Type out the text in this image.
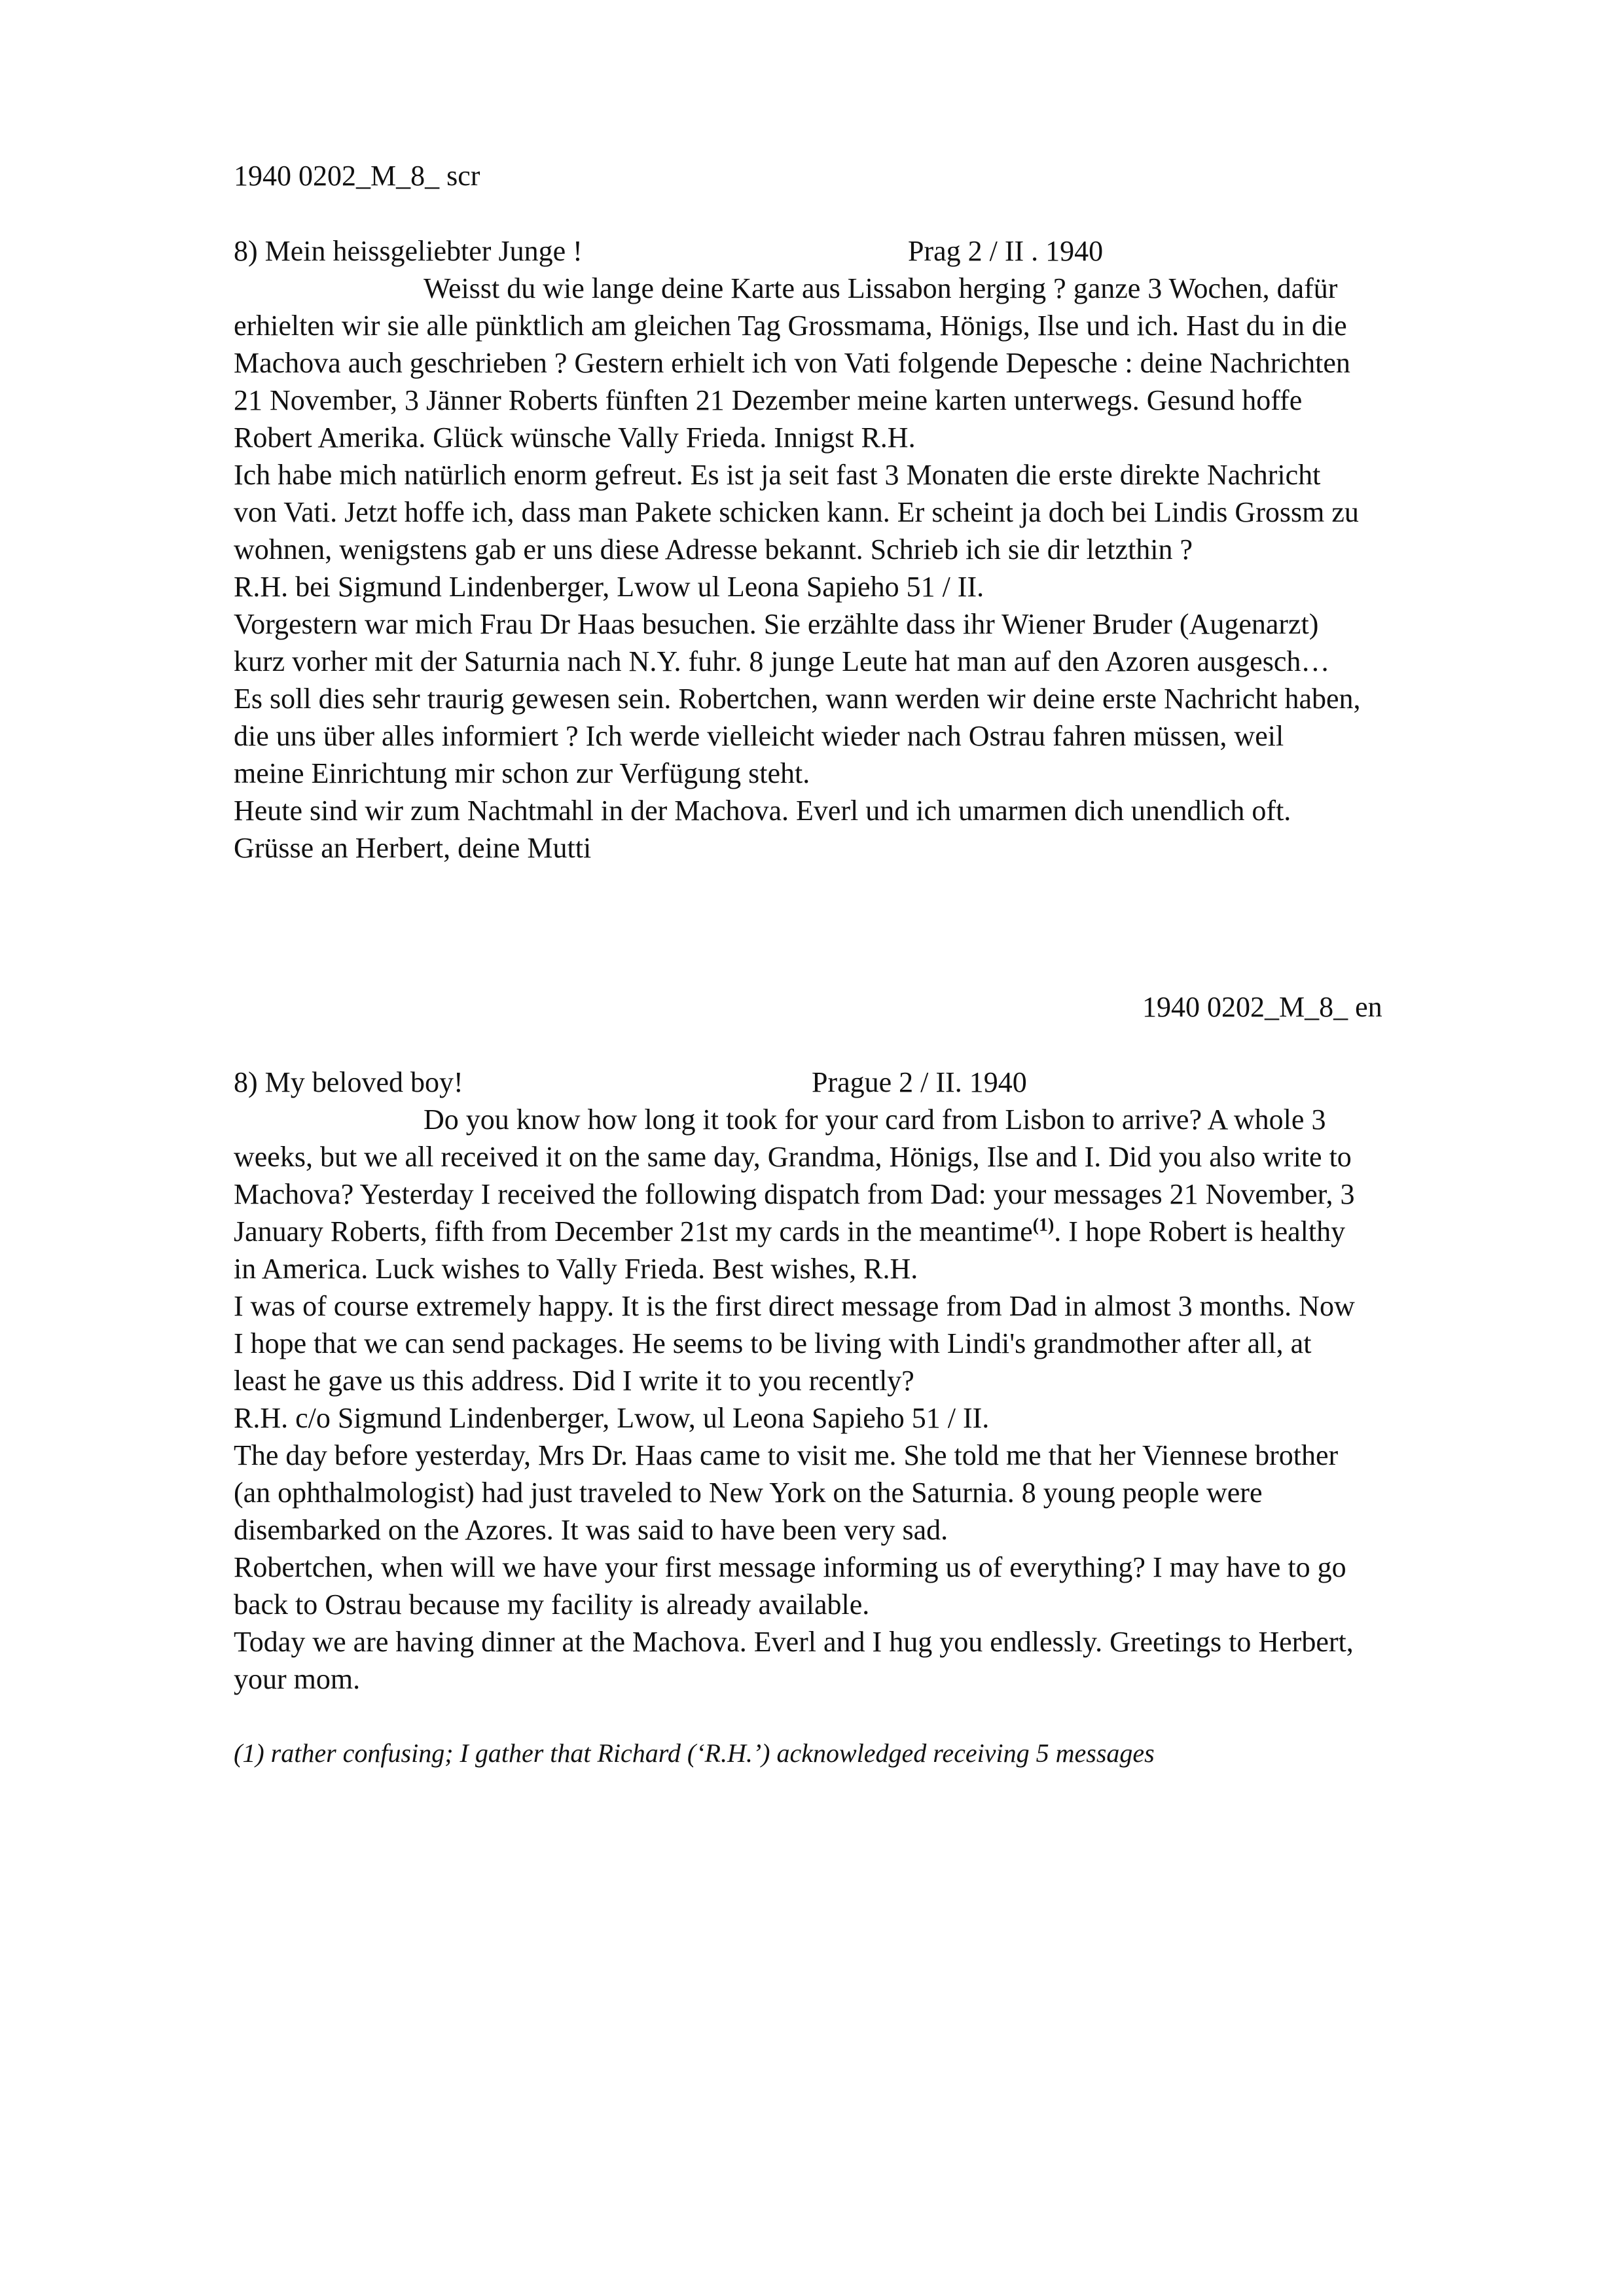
1940 0202_M_8_ scr

8) Mein heissgeliebter Junge !	Prag 2 / II . 1940
Weisst du wie lange deine Karte aus Lissabon herging ? ganze 3 Wochen, dafür
erhielten wir sie alle pünktlich am gleichen Tag Grossmama, Hönigs, Ilse und ich. Hast du in die
Machova auch geschrieben ? Gestern erhielt ich von Vati folgende Depesche : deine Nachrichten
21 November, 3 Jänner Roberts fünften 21 Dezember meine karten unterwegs. Gesund hoffe
Robert Amerika. Glück wünsche Vally Frieda. Innigst R.H.
Ich habe mich natürlich enorm gefreut. Es ist ja seit fast 3 Monaten die erste direkte Nachricht
von Vati. Jetzt hoffe ich, dass man Pakete schicken kann. Er scheint ja doch bei Lindis Grossm zu
wohnen, wenigstens gab er uns diese Adresse bekannt. Schrieb ich sie dir letzthin ?
R.H. bei Sigmund Lindenberger, Lwow ul Leona Sapieho 51 / II.
Vorgestern war mich Frau Dr Haas besuchen. Sie erzählte dass ihr Wiener Bruder (Augenarzt)
kurz vorher mit der Saturnia nach N.Y. fuhr. 8 junge Leute hat man auf den Azoren ausgesch…
Es soll dies sehr traurig gewesen sein. Robertchen, wann werden wir deine erste Nachricht haben,
die uns über alles informiert ? Ich werde vielleicht wieder nach Ostrau fahren müssen, weil
meine Einrichtung mir schon zur Verfügung steht.
Heute sind wir zum Nachtmahl in der Machova. Everl und ich umarmen dich unendlich oft.
Grüsse an Herbert, deine Mutti

1940 0202_M_8_ en

8) My beloved boy!	Prague 2 / II. 1940
Do you know how long it took for your card from Lisbon to arrive? A whole 3
weeks, but we all received it on the same day, Grandma, Hönigs, Ilse and I. Did you also write to
Machova? Yesterday I received the following dispatch from Dad: your messages 21 November, 3
January Roberts, fifth from December 21st my cards in the meantime$^{(1)}$. I hope Robert is healthy
in America. Luck wishes to Vally Frieda. Best wishes, R.H.
I was of course extremely happy. It is the first direct message from Dad in almost 3 months. Now
I hope that we can send packages. He seems to be living with Lindi's grandmother after all, at
least he gave us this address. Did I write it to you recently?
R.H. c/o Sigmund Lindenberger, Lwow, ul Leona Sapieho 51 / II.
The day before yesterday, Mrs Dr. Haas came to visit me. She told me that her Viennese brother
(an ophthalmologist) had just traveled to New York on the Saturnia. 8 young people were
disembarked on the Azores. It was said to have been very sad.
Robertchen, when will we have your first message informing us of everything? I may have to go
back to Ostrau because my facility is already available.
Today we are having dinner at the Machova. Everl and I hug you endlessly. Greetings to Herbert,
your mom.

(1) rather confusing; I gather that Richard (‘R.H.’) acknowledged receiving 5 messages
